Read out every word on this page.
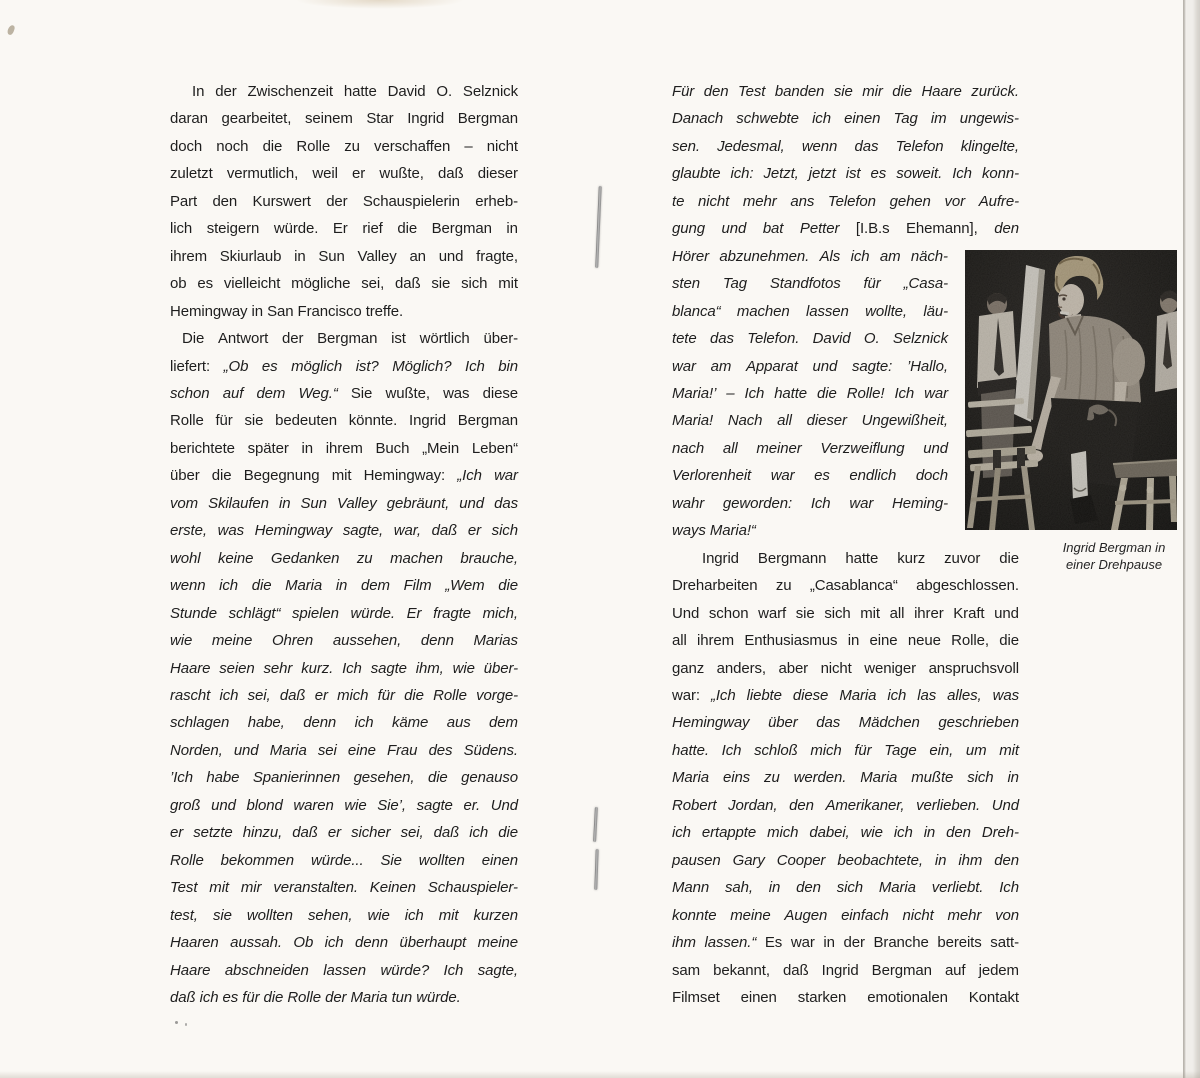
In der Zwischenzeit hatte David O. Selznick
daran gearbeitet, seinem Star Ingrid Bergman
doch noch die Rolle zu verschaffen – nicht
zuletzt vermutlich, weil er wußte, daß dieser
Part den Kurswert der Schauspielerin erheb-
lich steigern würde. Er rief die Bergman in
ihrem Skiurlaub in Sun Valley an und fragte,
ob es vielleicht mögliche sei, daß sie sich mit
Hemingway in San Francisco treffe.
Die Antwort der Bergman ist wörtlich über-
liefert: „Ob es möglich ist? Möglich? Ich bin
schon auf dem Weg.“ Sie wußte, was diese
Rolle für sie bedeuten könnte. Ingrid Bergman
berichtete später in ihrem Buch „Mein Leben“
über die Begegnung mit Hemingway: „Ich war
vom Skilaufen in Sun Valley gebräunt, und das
erste, was Hemingway sagte, war, daß er sich
wohl keine Gedanken zu machen brauche,
wenn ich die Maria in dem Film „Wem die
Stunde schlägt“ spielen würde. Er fragte mich,
wie meine Ohren aussehen, denn Marias
Haare seien sehr kurz. Ich sagte ihm, wie über-
rascht ich sei, daß er mich für die Rolle vorge-
schlagen habe, denn ich käme aus dem
Norden, und Maria sei eine Frau des Südens.
’Ich habe Spanierinnen gesehen, die genauso
groß und blond waren wie Sie’, sagte er. Und
er setzte hinzu, daß er sicher sei, daß ich die
Rolle bekommen würde... Sie wollten einen
Test mit mir veranstalten. Keinen Schauspieler-
test, sie wollten sehen, wie ich mit kurzen
Haaren aussah. Ob ich denn überhaupt meine
Haare abschneiden lassen würde? Ich sagte,
daß ich es für die Rolle der Maria tun würde.
Für den Test banden sie mir die Haare zurück.
Danach schwebte ich einen Tag im ungewis-
sen. Jedesmal, wenn das Telefon klingelte,
glaubte ich: Jetzt, jetzt ist es soweit. Ich konn-
te nicht mehr ans Telefon gehen vor Aufre-
gung und bat Petter [I.B.s Ehemann], den
Hörer abzunehmen. Als ich am näch-
sten Tag Standfotos für „Casa-
blanca“ machen lassen wollte, läu-
tete das Telefon. David O. Selznick
war am Apparat und sagte: ’Hallo,
Maria!’ – Ich hatte die Rolle! Ich war
Maria! Nach all dieser Ungewißheit,
nach all meiner Verzweiflung und
Verlorenheit war es endlich doch
wahr geworden: Ich war Heming-
ways Maria!“
Ingrid Bergmann hatte kurz zuvor die
Dreharbeiten zu „Casablanca“ abgeschlossen.
Und schon warf sie sich mit all ihrer Kraft und
all ihrem Enthusiasmus in eine neue Rolle, die
ganz anders, aber nicht weniger anspruchsvoll
war: „Ich liebte diese Maria ich las alles, was
Hemingway über das Mädchen geschrieben
hatte. Ich schloß mich für Tage ein, um mit
Maria eins zu werden. Maria mußte sich in
Robert Jordan, den Amerikaner, verlieben. Und
ich ertappte mich dabei, wie ich in den Dreh-
pausen Gary Cooper beobachtete, in ihm den
Mann sah, in den sich Maria verliebt. Ich
konnte meine Augen einfach nicht mehr von
ihm lassen.“ Es war in der Branche bereits satt-
sam bekannt, daß Ingrid Bergman auf jedem
Filmset einen starken emotionalen Kontakt
Ingrid Bergman in
einer Drehpause
